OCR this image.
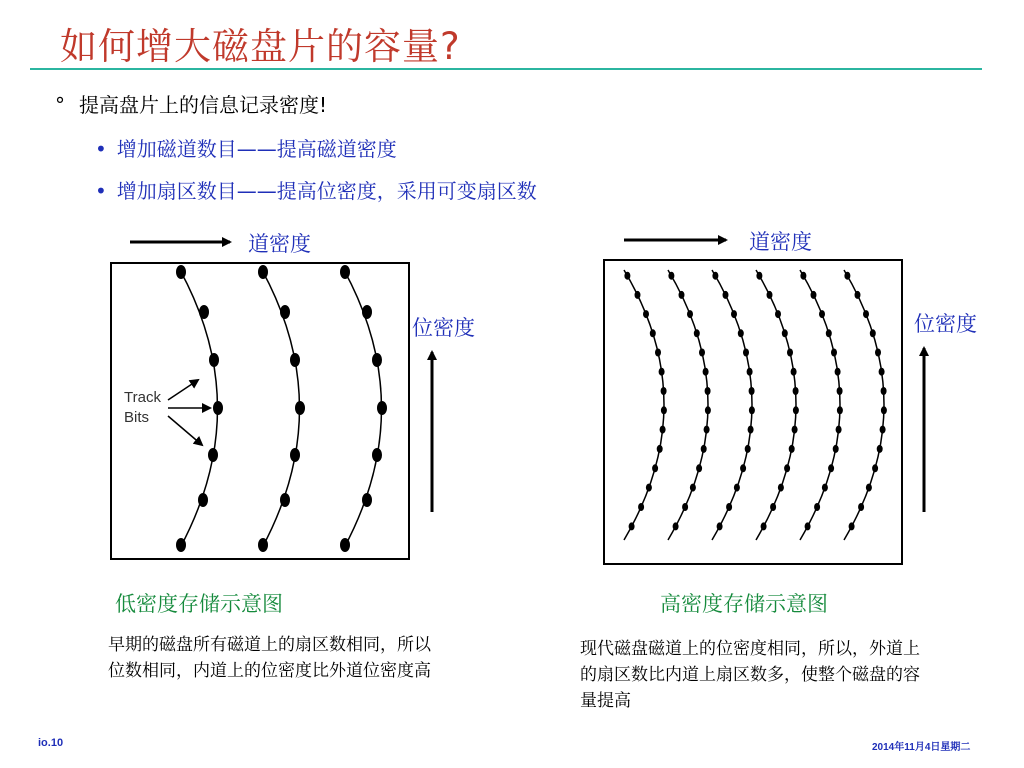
如何增大磁盘片的容量?
° 提高盘片上的信息记录密度!
• 增加磁道数目——提高磁道密度
• 增加扇区数目——提高位密度，采用可变扇区数
道密度
位密度
低密度存储示意图
早期的磁盘所有磁道上的扇区数相同，所以位数相同，内道上的位密度比外道位密度高
道密度
位密度
高密度存储示意图
现代磁盘磁道上的位密度相同，所以，外道上的扇区数比内道上扇区数多，使整个磁盘的容量提高
Track
Bits
io.10	2014年11月4日星期二
